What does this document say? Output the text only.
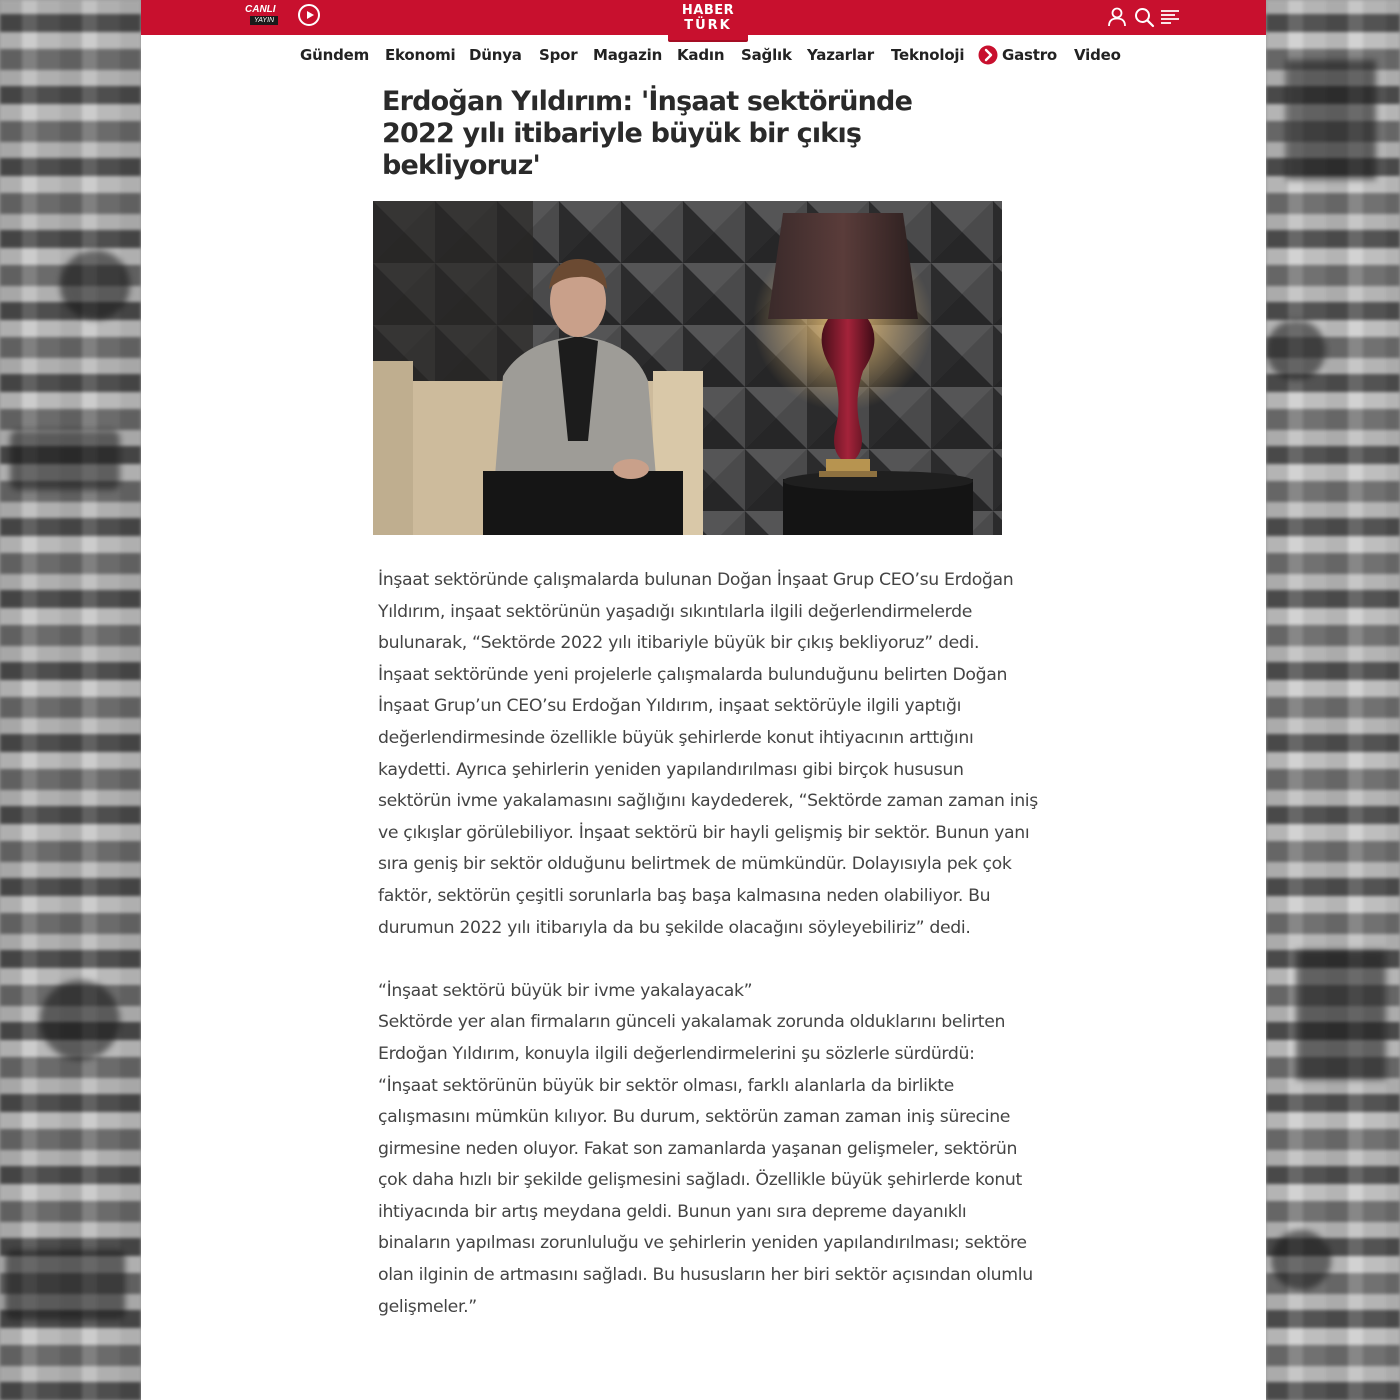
CANLI
YAYIN
HABER
TÜRK
Gündem Ekonomi Dünya Spor Magazin Kadın Sağlık Yazarlar Teknoloji	Gastro Video
Erdoğan Yıldırım: 'İnşaat sektöründe 2022 yılı itibariyle büyük bir çıkış bekliyoruz'

İnşaat sektöründe çalışmalarda bulunan Doğan İnşaat Grup CEO’su Erdoğan Yıldırım, inşaat sektörünün yaşadığı sıkıntılarla ilgili değerlendirmelerde bulunarak, “Sektörde 2022 yılı itibariyle büyük bir çıkış bekliyoruz” dedi.

İnşaat sektöründe yeni projelerle çalışmalarda bulunduğunu belirten Doğan İnşaat Grup’un CEO’su Erdoğan Yıldırım, inşaat sektörüyle ilgili yaptığı değerlendirmesinde özellikle büyük şehirlerde konut ihtiyacının arttığını kaydetti. Ayrıca şehirlerin yeniden yapılandırılması gibi birçok hususun sektörün ivme yakalamasını sağlığını kaydederek, “Sektörde zaman zaman iniş ve çıkışlar görülebiliyor. İnşaat sektörü bir hayli gelişmiş bir sektör. Bunun yanı sıra geniş bir sektör olduğunu belirtmek de mümkündür. Dolayısıyla pek çok faktör, sektörün çeşitli sorunlarla baş başa kalmasına neden olabiliyor. Bu durumun 2022 yılı itibarıyla da bu şekilde olacağını söyleyebiliriz” dedi.

“İnşaat sektörü büyük bir ivme yakalayacak”

Sektörde yer alan firmaların günceli yakalamak zorunda olduklarını belirten Erdoğan Yıldırım, konuyla ilgili değerlendirmelerini şu sözlerle sürdürdü: “İnşaat sektörünün büyük bir sektör olması, farklı alanlarla da birlikte çalışmasını mümkün kılıyor. Bu durum, sektörün zaman zaman iniş sürecine girmesine neden oluyor. Fakat son zamanlarda yaşanan gelişmeler, sektörün çok daha hızlı bir şekilde gelişmesini sağladı. Özellikle büyük şehirlerde konut ihtiyacında bir artış meydana geldi. Bunun yanı sıra depreme dayanıklı binaların yapılması zorunluluğu ve şehirlerin yeniden yapılandırılması; sektöre olan ilginin de artmasını sağladı. Bu hususların her biri sektör açısından olumlu gelişmeler.”
